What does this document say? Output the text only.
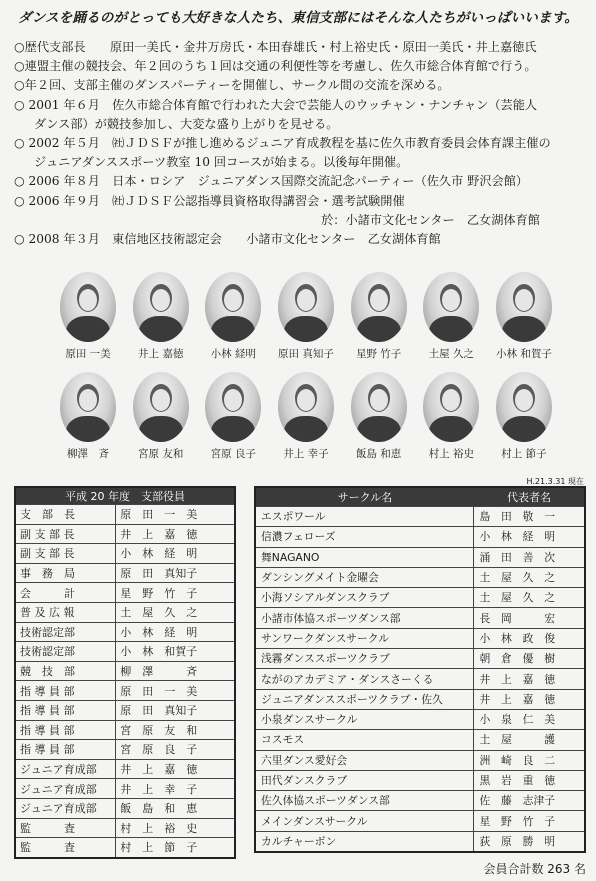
ダンスを踊るのがとっても大好きな人たち、東信支部にはそんな人たちがいっぱいいます。
○歴代支部長　　原田一美氏・金井万房氏・本田春雄氏・村上裕史氏・原田一美氏・井上嘉徳氏
○連盟主催の競技会、年２回のうち１回は交通の利便性等を考慮し、佐久市総合体育館で行う。
○年２回、支部主催のダンスパーティーを開催し、サークル間の交流を深める。
○ 2001 年６月　佐久市総合体育館で行われた大会で芸能人のウッチャン・ナンチャン（芸能人
ダンス部）が競技参加し、大変な盛り上がりを見せる。
○ 2002 年５月　㈳ＪＤＳＦが推し進めるジュニア育成教程を基に佐久市教育委員会体育課主催の
ジュニアダンススポーツ教室 10 回コースが始まる。以後毎年開催。
○ 2006 年８月　日本・ロシア　ジュニアダンス国際交流記念パーティー（佐久市 野沢会館）
○ 2006 年９月　㈳ＪＤＳＦ公認指導員資格取得講習会・選考試験開催
於：小諸市文化センター　乙女湖体育館
○ 2008 年３月　東信地区技術認定会　　小諸市文化センター　乙女湖体育館
原田 一美	井上 嘉徳	小林 経明 原田 真知子 星野 竹子	土屋 久之 小林 和賀子
柳澤　斉	宮原 友和	宮原 良子	井上 幸子	飯島 和恵	村上 裕史	村上 節子
H.21.3.31 現在
平成 20 年度　支部役員	
支　部　長	原　田　一　美
副 支 部 長	井　上　嘉　徳
副 支 部 長	小　林　経　明
事　務　局	原　田　真知子
会　　　計	星　野　竹　子
普 及 広 報	土　屋　久　之
技術認定部	小　林　経　明
技術認定部	小　林　和賀子
競　技　部	柳　澤　　　斉
指 導 員 部	原　田　一　美
指 導 員 部	原　田　真知子
指 導 員 部	宮　原　友　和
指 導 員 部	宮　原　良　子
ジュニア育成部	井　上　嘉　徳
ジュニア育成部	井　上　幸　子
ジュニア育成部	飯　島　和　恵
監　　　査	村　上　裕　史
監　　　査	村　上　節　子
サークル名	代表者名
エスポワール	島　田　敬　一
信濃フェローズ	小　林　経　明
舞NAGANO	涌　田　善　次
ダンシングメイト金曜会	土　屋　久　之
小海ソシアルダンスクラブ	土　屋　久　之
小諸市体協スポーツダンス部	長　岡　　　宏
サンワークダンスサークル	小　林　政　俊
浅霧ダンススポーツクラブ	朝　倉　優　樹
ながのアカデミア・ダンスさーくる	井　上　嘉　徳
ジュニアダンススポーツクラブ・佐久	井　上　嘉　徳
小泉ダンスサークル	小　泉　仁　美
コスモス	土　屋　　　護
六里ダンス愛好会	洲　崎　良　二
田代ダンスクラブ	黒　岩　重　徳
佐久体協スポーツダンス部	佐　藤　志津子
メインダンスサークル	星　野　竹　子
カルチャーボン	荻　原　勝　明
会員合計数 263 名
